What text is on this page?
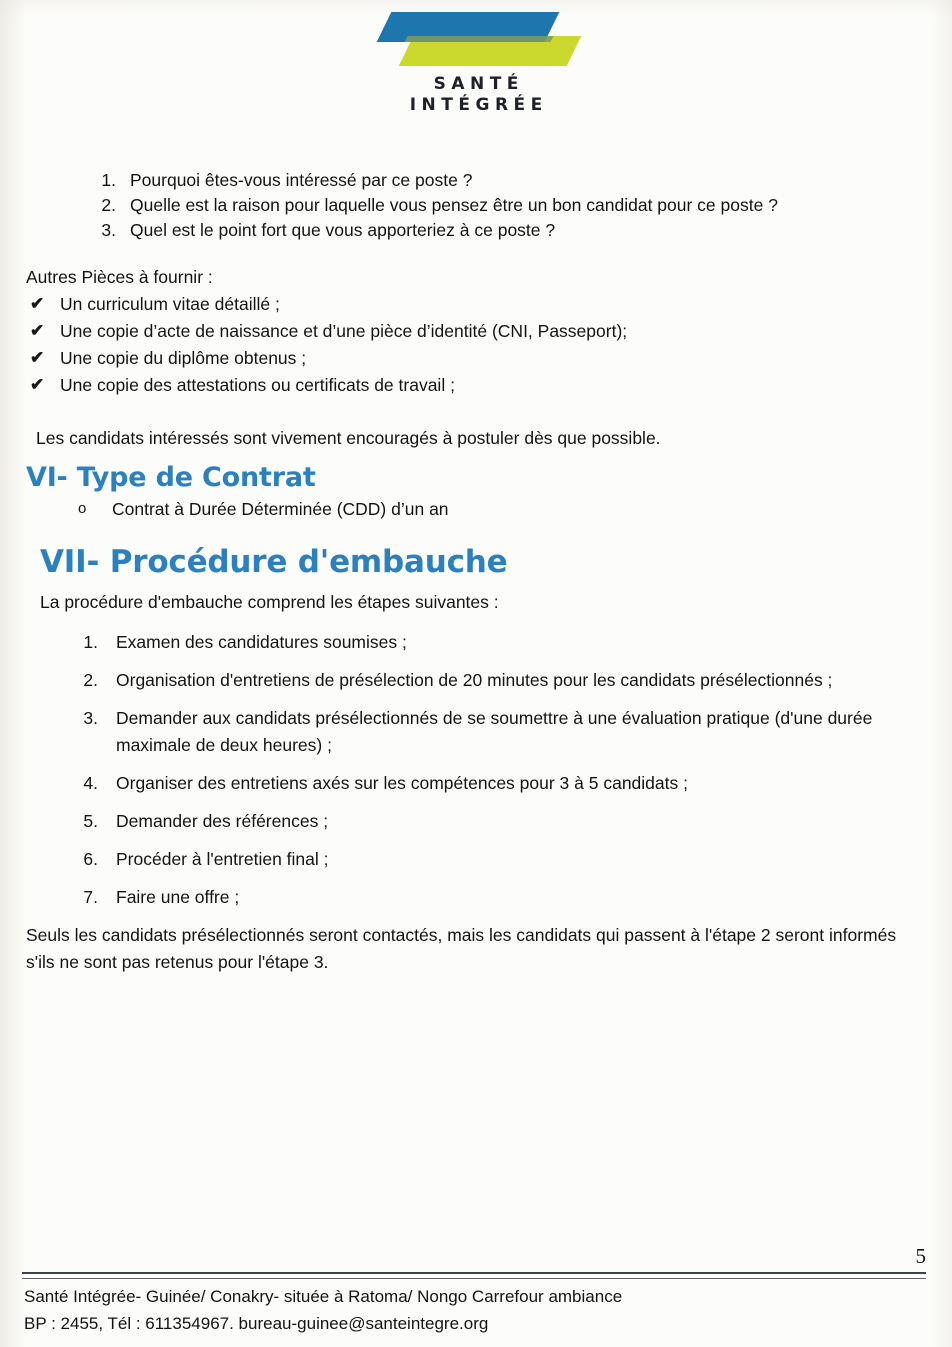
SANTÉ
INTÉGRÉE
1. Pourquoi êtes-vous intéressé par ce poste ?
2. Quelle est la raison pour laquelle vous pensez être un bon candidat pour ce poste ?
3. Quel est le point fort que vous apporteriez à ce poste ?
Autres Pièces à fournir :
✔ Un curriculum vitae détaillé ;
✔ Une copie d’acte de naissance et d’une pièce d’identité (CNI, Passeport);
✔ Une copie du diplôme obtenus ;
✔ Une copie des attestations ou certificats de travail ;

Les candidats intéressés sont vivement encouragés à postuler dès que possible.

VI- Type de Contrat
o Contrat à Durée Déterminée (CDD) d’un an
VII- Procédure d'embauche

La procédure d'embauche comprend les étapes suivantes :

1. Examen des candidatures soumises ;
2. Organisation d'entretiens de présélection de 20 minutes pour les candidats présélectionnés ;
3. Demander aux candidats présélectionnés de se soumettre à une évaluation pratique (d'une durée maximale de deux heures) ;
4. Organiser des entretiens axés sur les compétences pour 3 à 5 candidats ;
5. Demander des références ;
6. Procéder à l'entretien final ;
7. Faire une offre ;

Seuls les candidats présélectionnés seront contactés, mais les candidats qui passent à l'étape 2 seront informés s'ils ne sont pas retenus pour l'étape 3.

5
Santé Intégrée- Guinée/ Conakry- située à Ratoma/ Nongo Carrefour ambiance
BP : 2455, Tél : 611354967. bureau-guinee@santeintegre.org
